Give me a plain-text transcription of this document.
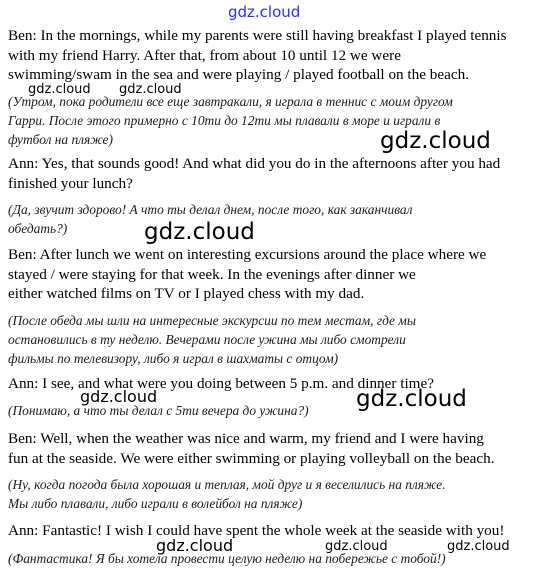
Ben: In the mornings, while my parents were still having breakfast I played tennis
with my friend Harry. After that, from about 10 until 12 we were
swimming/swam in the sea and were playing / played football on the beach.
(Утром, пока родители все еще завтракали, я играла в теннис с моим другом
Гарри. После этого примерно с 10ти до 12ти мы плавали в море и играли в
футбол на пляже)
Ann: Yes, that sounds good! And what did you do in the afternoons after you had
finished your lunch?
(Да, звучит здорово! А что ты делал днем, после того, как заканчивал
обедать?)
Ben: After lunch we went on interesting excursions around the place where we
stayed / were staying for that week. In the evenings after dinner we
either watched films on TV or I played chess with my dad.
(После обеда мы шли на интересные экскурсии по тем местам, где мы
остановились в ту неделю. Вечерами после ужина мы либо смотрели
фильмы по телевизору, либо я играл в шахматы с отцом)
Ann: I see, and what were you doing between 5 p.m. and dinner time?
(Понимаю, а что ты делал с 5ти вечера до ужина?)
Ben: Well, when the weather was nice and warm, my friend and I were having
fun at the seaside. We were either swimming or playing volleyball on the beach.
(Ну, когда погода была хорошая и теплая, мой друг и я веселились на пляже.
Мы либо плавали, либо играли в волейбол на пляже)
Ann: Fantastic! I wish I could have spent the whole week at the seaside with you!
(Фантастика! Я бы хотела провести целую неделю на побережье с тобой!)
gdz.cloud
gdz.cloud gdz.cloud
gdz.cloud
gdz.cloud
gdz.cloud
gdz.cloud
gdz.cloud	gdz.cloud	gdz.cloud
